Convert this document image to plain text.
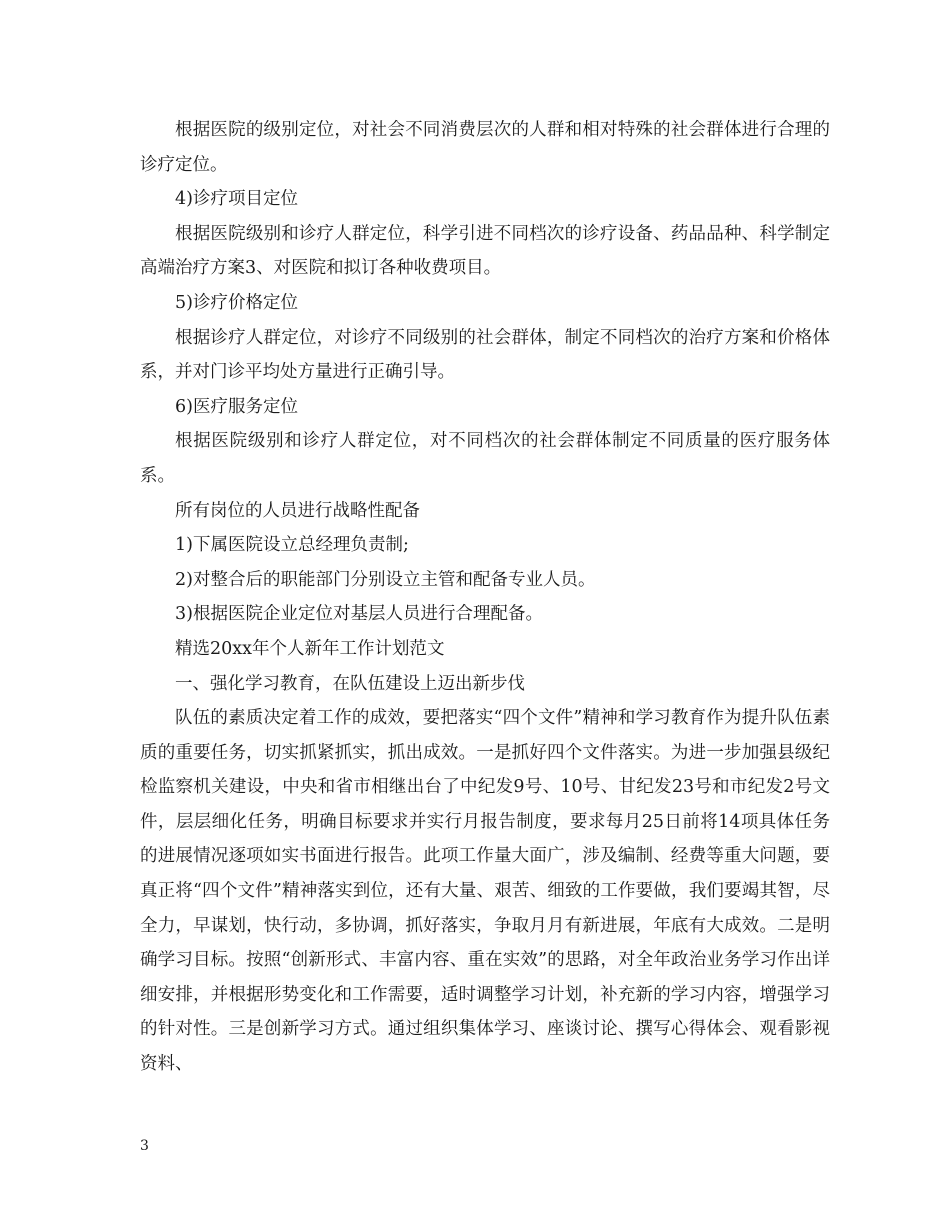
根据医院的级别定位，对社会不同消费层次的人群和相对特殊的社会群体进行合理的诊疗定位。

4)诊疗项目定位

根据医院级别和诊疗人群定位，科学引进不同档次的诊疗设备、药品品种、科学制定高端治疗方案3、对医院和拟订各种收费项目。

5)诊疗价格定位

根据诊疗人群定位，对诊疗不同级别的社会群体，制定不同档次的治疗方案和价格体系，并对门诊平均处方量进行正确引导。

6)医疗服务定位

根据医院级别和诊疗人群定位，对不同档次的社会群体制定不同质量的医疗服务体系。

所有岗位的人员进行战略性配备

1)下属医院设立总经理负责制;

2)对整合后的职能部门分别设立主管和配备专业人员。

3)根据医院企业定位对基层人员进行合理配备。

精选20xx年个人新年工作计划范文

一、强化学习教育，在队伍建设上迈出新步伐

队伍的素质决定着工作的成效，要把落实“四个文件”精神和学习教育作为提升队伍素质的重要任务，切实抓紧抓实，抓出成效。一是抓好四个文件落实。为进一步加强县级纪检监察机关建设，中央和省市相继出台了中纪发9号、10号、甘纪发23号和市纪发2号文件，层层细化任务，明确目标要求并实行月报告制度，要求每月25日前将14项具体任务的进展情况逐项如实书面进行报告。此项工作量大面广，涉及编制、经费等重大问题，要真正将“四个文件”精神落实到位，还有大量、艰苦、细致的工作要做，我们要竭其智，尽全力，早谋划，快行动，多协调，抓好落实，争取月月有新进展，年底有大成效。二是明确学习目标。按照“创新形式、丰富内容、重在实效”的思路，对全年政治业务学习作出详细安排，并根据形势变化和工作需要，适时调整学习计划，补充新的学习内容，增强学习的针对性。三是创新学习方式。通过组织集体学习、座谈讨论、撰写心得体会、观看影视资料、

3
